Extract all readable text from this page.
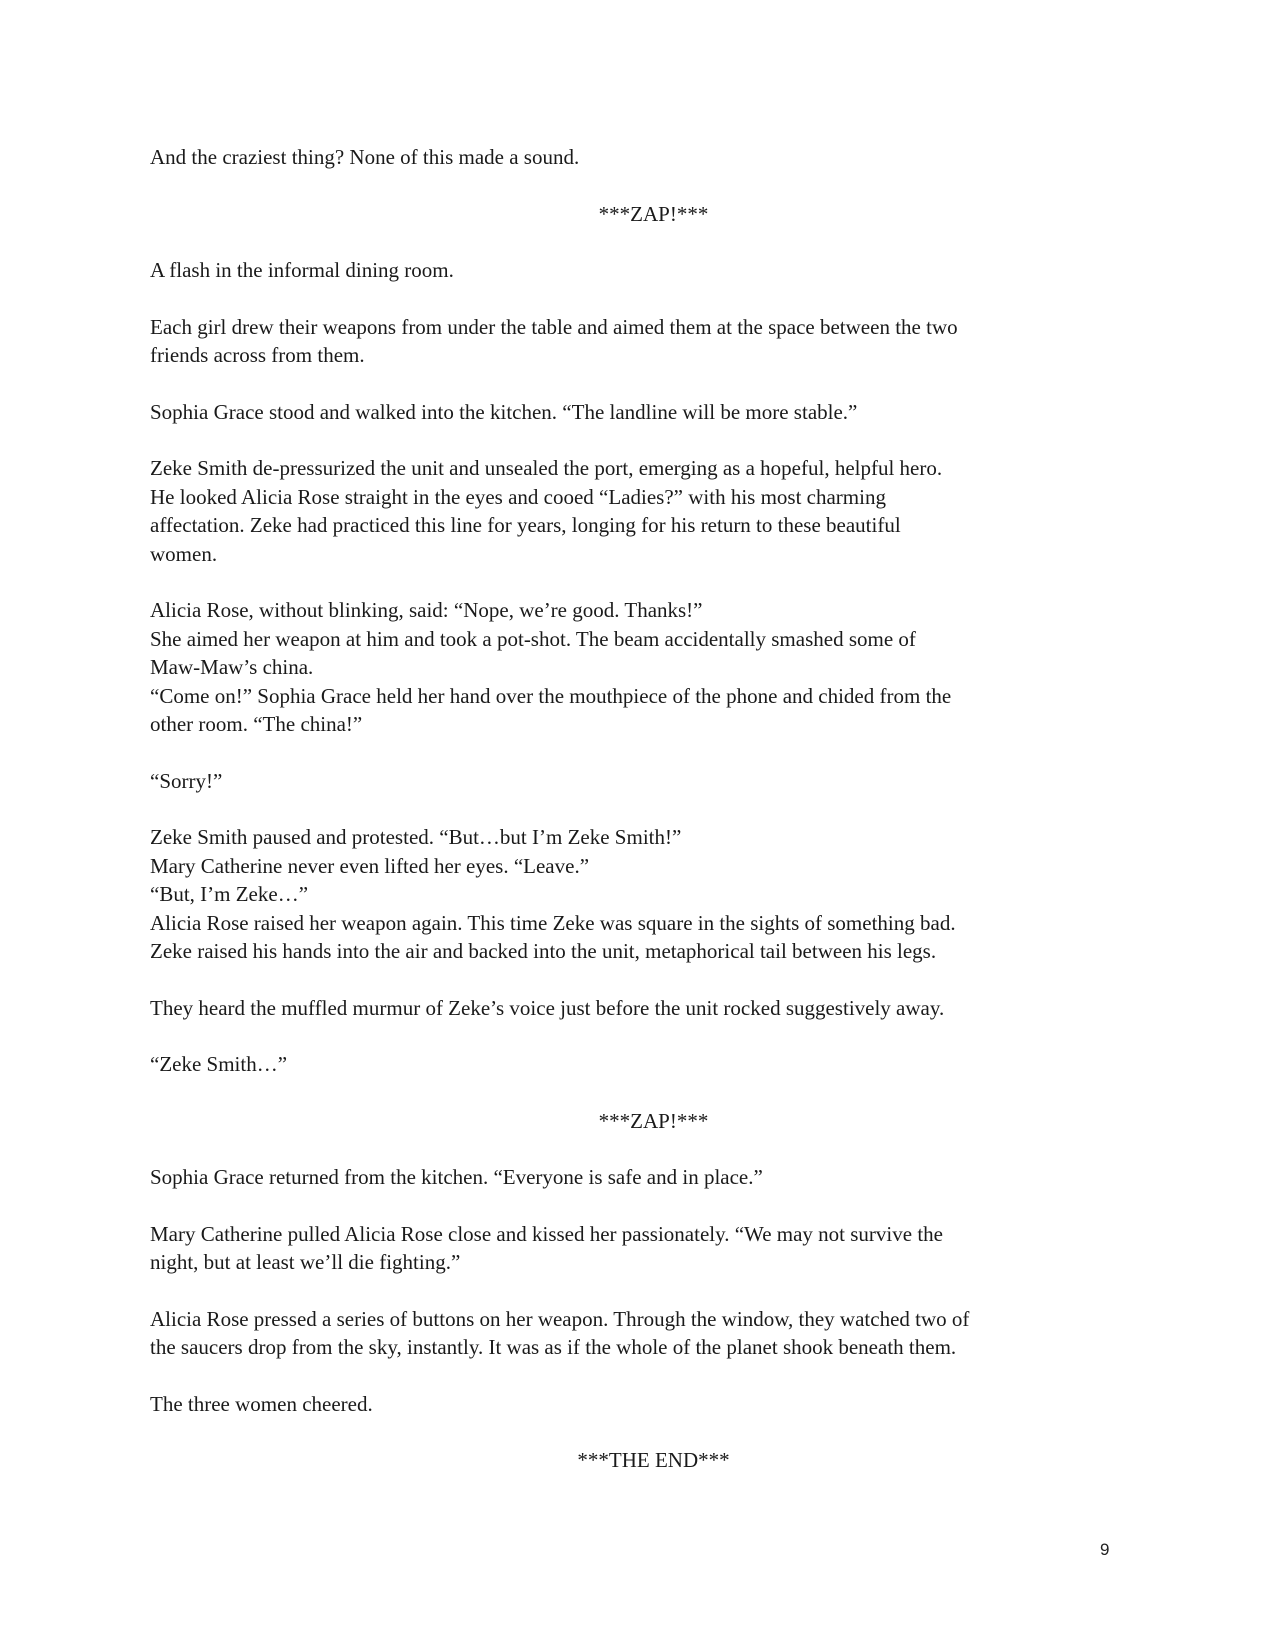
And the craziest thing? None of this made a sound.
***ZAP!***
A flash in the informal dining room.
Each girl drew their weapons from under the table and aimed them at the space between the two
friends across from them.
Sophia Grace stood and walked into the kitchen. “The landline will be more stable.”
Zeke Smith de-pressurized the unit and unsealed the port, emerging as a hopeful, helpful hero.
He looked Alicia Rose straight in the eyes and cooed “Ladies?” with his most charming
affectation. Zeke had practiced this line for years, longing for his return to these beautiful
women.
Alicia Rose, without blinking, said: “Nope, we’re good. Thanks!”
She aimed her weapon at him and took a pot-shot. The beam accidentally smashed some of
Maw-Maw’s china.
“Come on!” Sophia Grace held her hand over the mouthpiece of the phone and chided from the
other room. “The china!”
“Sorry!”
Zeke Smith paused and protested. “But…but I’m Zeke Smith!”
Mary Catherine never even lifted her eyes. “Leave.”
“But, I’m Zeke…”
Alicia Rose raised her weapon again. This time Zeke was square in the sights of something bad.
Zeke raised his hands into the air and backed into the unit, metaphorical tail between his legs.
They heard the muffled murmur of Zeke’s voice just before the unit rocked suggestively away.
“Zeke Smith…”
***ZAP!***
Sophia Grace returned from the kitchen. “Everyone is safe and in place.”
Mary Catherine pulled Alicia Rose close and kissed her passionately. “We may not survive the
night, but at least we’ll die fighting.”
Alicia Rose pressed a series of buttons on her weapon. Through the window, they watched two of
the saucers drop from the sky, instantly. It was as if the whole of the planet shook beneath them.
The three women cheered.
***THE END***
9
